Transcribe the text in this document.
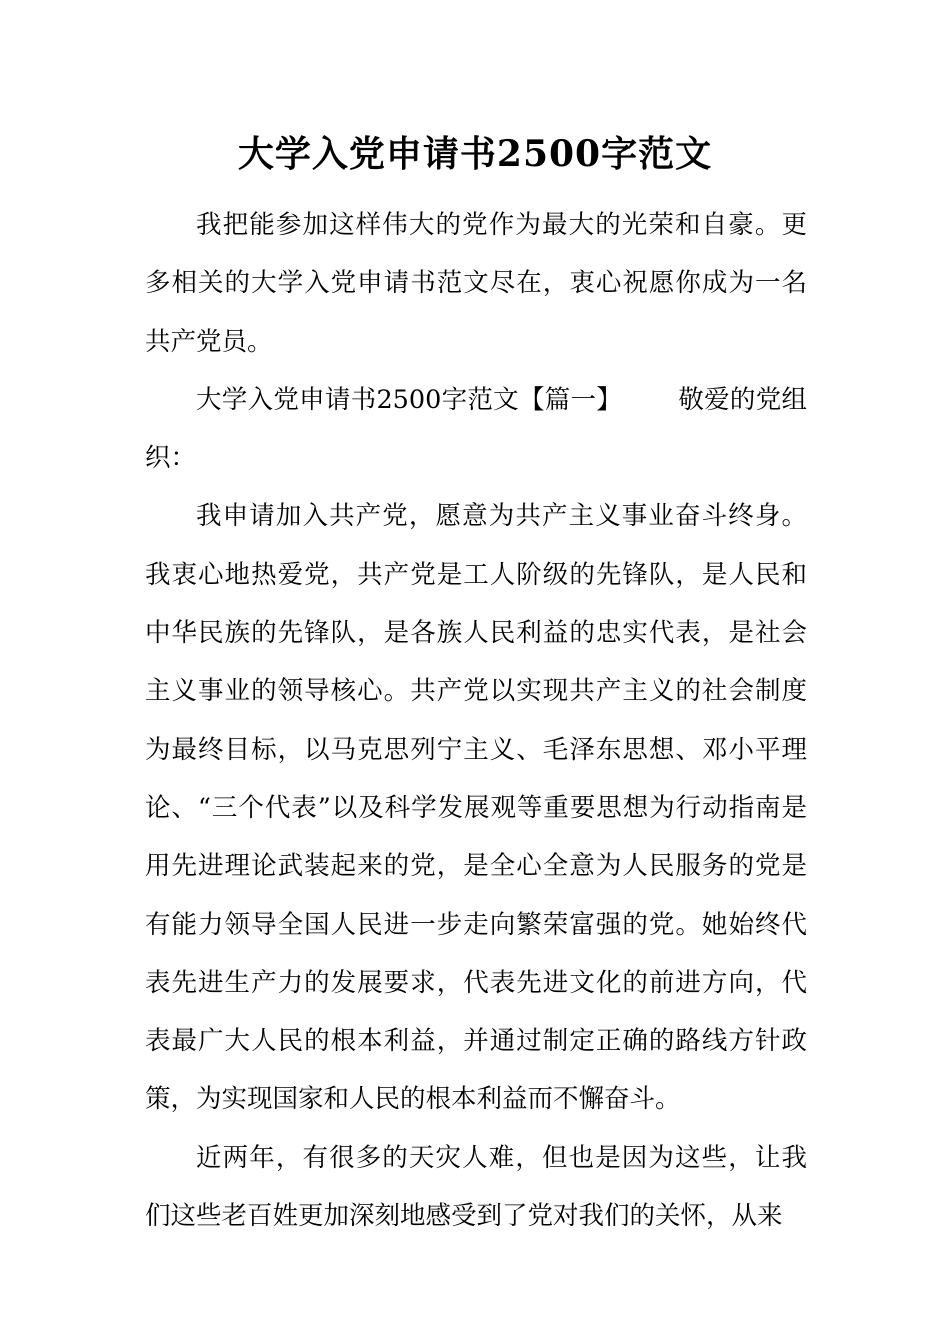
大学入党申请书2500字范文

我把能参加这样伟大的党作为最大的光荣和自豪。更多相关的大学入党申请书范文尽在，衷心祝愿你成为一名共产党员。

大学入党申请书2500字范文【篇一】 敬爱的党组织：

我申请加入共产党，愿意为共产主义事业奋斗终身。我衷心地热爱党，共产党是工人阶级的先锋队，是人民和中华民族的先锋队，是各族人民利益的忠实代表，是社会主义事业的领导核心。共产党以实现共产主义的社会制度为最终目标，以马克思列宁主义、毛泽东思想、邓小平理论、“三个代表”以及科学发展观等重要思想为行动指南是用先进理论武装起来的党，是全心全意为人民服务的党是有能力领导全国人民进一步走向繁荣富强的党。她始终代表先进生产力的发展要求，代表先进文化的前进方向，代表最广大人民的根本利益，并通过制定正确的路线方针政策，为实现国家和人民的根本利益而不懈奋斗。

近两年，有很多的天灾人难，但也是因为这些，让我们这些老百姓更加深刻地感受到了党对我们的关怀，从来
